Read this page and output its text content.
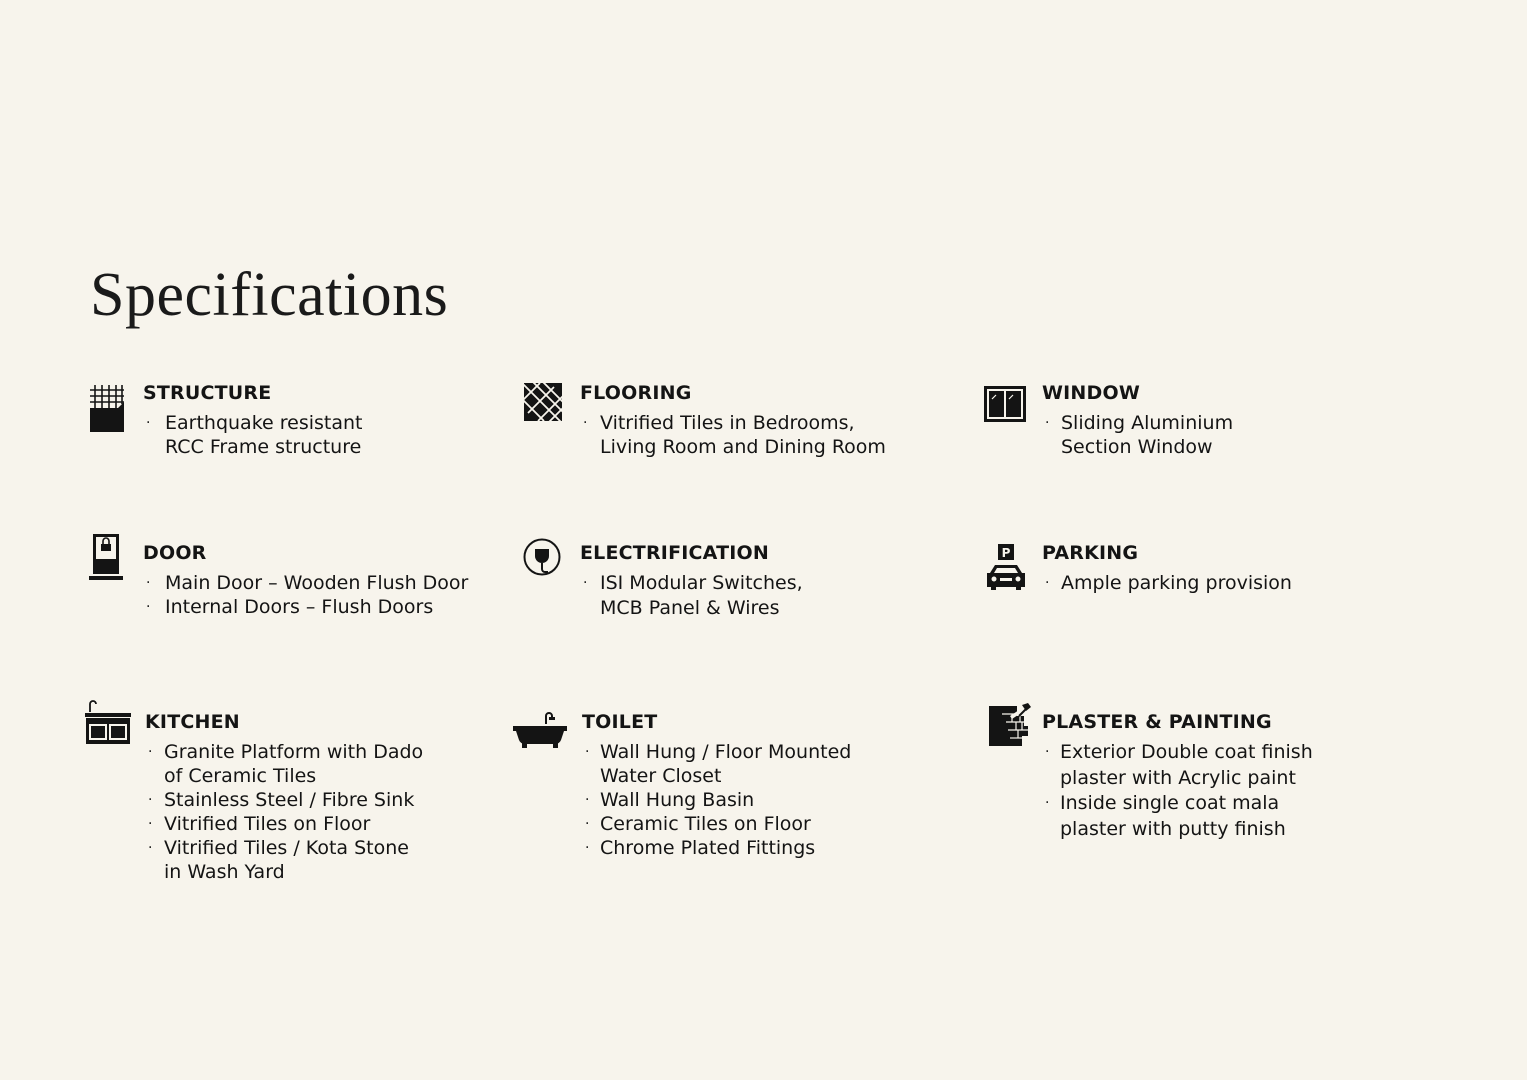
Specifications
STRUCTURE
· Earthquake resistant
RCC Frame structure
FLOORING
· Vitrified Tiles in Bedrooms,
Living Room and Dining Room
WINDOW
· Sliding Aluminium
Section Window
DOOR
· Main Door – Wooden Flush Door
· Internal Doors – Flush Doors
ELECTRIFICATION
· ISI Modular Switches,
MCB Panel & Wires
P PARKING
· Ample parking provision
KITCHEN
· Granite Platform with Dado
of Ceramic Tiles
· Stainless Steel / Fibre Sink
· Vitrified Tiles on Floor
· Vitrified Tiles / Kota Stone
in Wash Yard
TOILET
· Wall Hung / Floor Mounted
Water Closet
· Wall Hung Basin
· Ceramic Tiles on Floor
· Chrome Plated Fittings
PLASTER & PAINTING
· Exterior Double coat finish
plaster with Acrylic paint
· Inside single coat mala
plaster with putty finish
